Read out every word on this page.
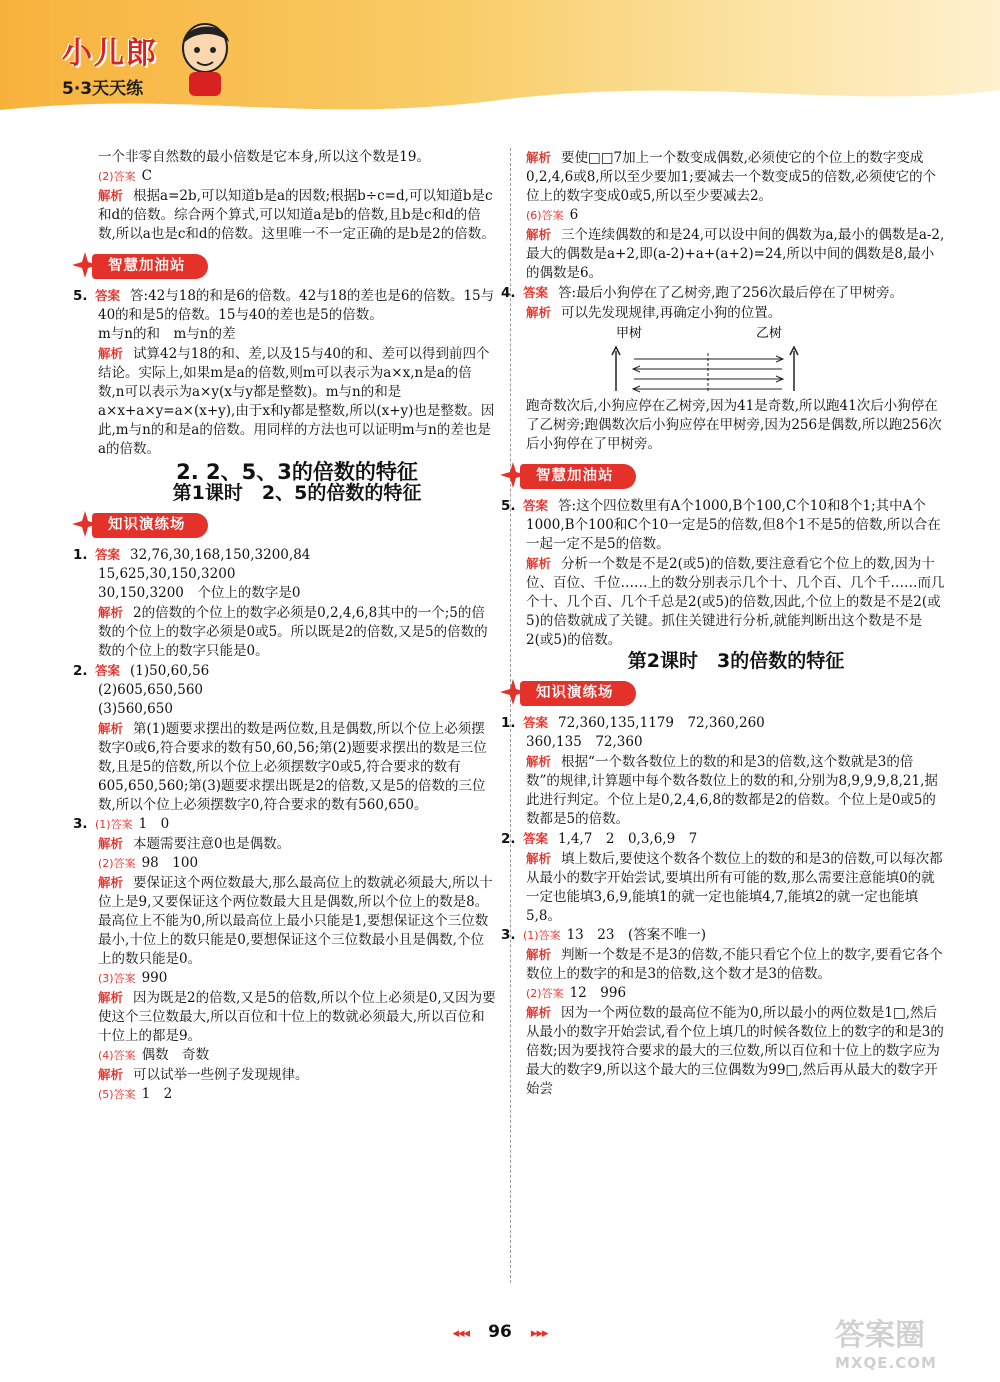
小儿郎
5·3天天练

一个非零自然数的最小倍数是它本身,所以这个数是19。

(2)答案 C

解析 根据a=2b,可以知道b是a的因数;根据b÷c=d,可以知道b是c和d的倍数。综合两个算式,可以知道a是b的倍数,且b是c和d的倍数,所以a也是c和d的倍数。这里唯一不一定正确的是b是2的倍数。

智慧加油站

5. 答案 答:42与18的和是6的倍数。42与18的差也是6的倍数。15与40的和是5的倍数。15与40的差也是5的倍数。

m与n的和　m与n的差

解析 试算42与18的和、差,以及15与40的和、差可以得到前四个结论。实际上,如果m是a的倍数,则m可以表示为a×x,n是a的倍数,n可以表示为a×y(x与y都是整数)。m与n的和是a×x+a×y=a×(x+y),由于x和y都是整数,所以(x+y)也是整数。因此,m与n的和是a的倍数。用同样的方法也可以证明m与n的差也是a的倍数。

2. 2、5、3的倍数的特征
第1课时　2、5的倍数的特征
知识演练场

1. 答案 32,76,30,168,150,3200,84

15,625,30,150,3200

30,150,3200　个位上的数字是0

解析 2的倍数的个位上的数字必须是0,2,4,6,8其中的一个;5的倍数的个位上的数字必须是0或5。所以既是2的倍数,又是5的倍数的数的个位上的数字只能是0。

2. 答案 (1)50,60,56

(2)605,650,560

(3)560,650

解析 第(1)题要求摆出的数是两位数,且是偶数,所以个位上必须摆数字0或6,符合要求的数有50,60,56;第(2)题要求摆出的数是三位数,且是5的倍数,所以个位上必须摆数字0或5,符合要求的数有605,650,560;第(3)题要求摆出既是2的倍数,又是5的倍数的三位数,所以个位上必须摆数字0,符合要求的数有560,650。

3. (1)答案 1　0

解析 本题需要注意0也是偶数。

(2)答案 98　100

解析 要保证这个两位数最大,那么最高位上的数就必须最大,所以十位上是9,又要保证这个两位数最大且是偶数,所以个位上的数是8。最高位上不能为0,所以最高位上最小只能是1,要想保证这个三位数最小,十位上的数只能是0,要想保证这个三位数最小且是偶数,个位上的数只能是0。

(3)答案 990

解析 因为既是2的倍数,又是5的倍数,所以个位上必须是0,又因为要使这个三位数最大,所以百位和十位上的数就必须最大,所以百位和十位上的都是9。

(4)答案 偶数　奇数

解析 可以试举一些例子发现规律。

(5)答案 1　2

解析 要使□□7加上一个数变成偶数,必须使它的个位上的数字变成0,2,4,6或8,所以至少要加1;要减去一个数变成5的倍数,必须使它的个位上的数字变成0或5,所以至少要减去2。

(6)答案 6

解析 三个连续偶数的和是24,可以设中间的偶数为a,最小的偶数是a-2,最大的偶数是a+2,即(a-2)+a+(a+2)=24,所以中间的偶数是8,最小的偶数是6。

4. 答案 答:最后小狗停在了乙树旁,跑了256次最后停在了甲树旁。

解析 可以先发现规律,再确定小狗的位置。

甲树	乙树

跑奇数次后,小狗应停在乙树旁,因为41是奇数,所以跑41次后小狗停在了乙树旁;跑偶数次后小狗应停在甲树旁,因为256是偶数,所以跑256次后小狗停在了甲树旁。

智慧加油站

5. 答案 答:这个四位数里有A个1000,B个100,C个10和8个1;其中A个1000,B个100和C个10一定是5的倍数,但8个1不是5的倍数,所以合在一起一定不是5的倍数。

解析 分析一个数是不是2(或5)的倍数,要注意看它个位上的数,因为十位、百位、千位……上的数分别表示几个十、几个百、几个千……而几个十、几个百、几个千总是2(或5)的倍数,因此,个位上的数是不是2(或5)的倍数就成了关键。抓住关键进行分析,就能判断出这个数是不是2(或5)的倍数。

第2课时　3的倍数的特征
知识演练场

1. 答案 72,360,135,1179　72,360,260

360,135　72,360

解析 根据“一个数各数位上的数的和是3的倍数,这个数就是3的倍数”的规律,计算题中每个数各数位上的数的和,分别为8,9,9,9,8,21,据此进行判定。个位上是0,2,4,6,8的数都是2的倍数。个位上是0或5的数都是5的倍数。

2. 答案 1,4,7　2　0,3,6,9　7

解析 填上数后,要使这个数各个数位上的数的和是3的倍数,可以每次都从最小的数字开始尝试,要填出所有可能的数,那么需要注意能填0的就一定也能填3,6,9,能填1的就一定也能填4,7,能填2的就一定也能填5,8。

3. (1)答案 13　23　(答案不唯一)

解析 判断一个数是不是3的倍数,不能只看它个位上的数字,要看它各个数位上的数字的和是3的倍数,这个数才是3的倍数。

(2)答案 12　996

解析 因为一个两位数的最高位不能为0,所以最小的两位数是1□,然后从最小的数字开始尝试,看个位上填几的时候各数位上的数字的和是3的倍数;因为要找符合要求的最大的三位数,所以百位和十位上的数字应为最大的数字9,所以这个最大的三位偶数为99□,然后再从最大的数字开始尝

◂◂◂ 96 ▸▸▸	答案圈
MXQE.COM
